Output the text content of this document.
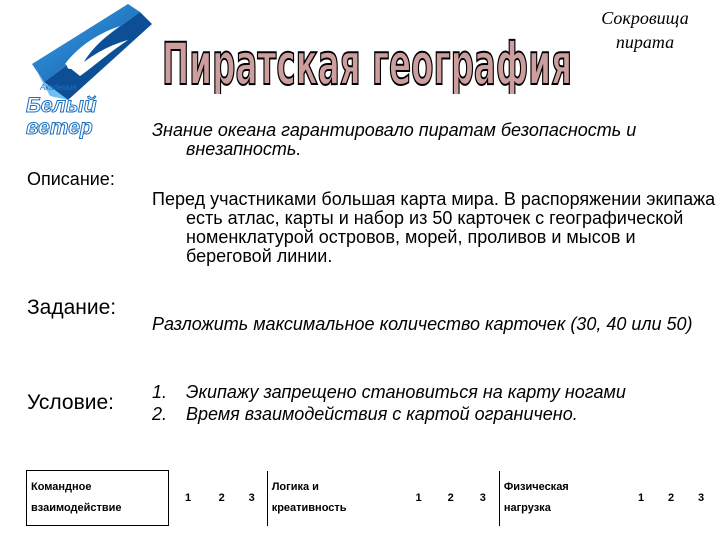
Академия
Белый
ветер
Пиратская география
Сокровища
пирата
Знание океана гарантировало пиратам безопасность и внезапность.
Описание:
Перед участниками большая карта мира. В распоряжении экипажа есть атлас, карты и набор из 50 карточек с географической номенклатурой островов, морей, проливов и мысов и береговой линии.
Задание:
Разложить максимальное количество карточек (30, 40 или 50)
Условие: 1.	Экипажу запрещено становиться на карту ногами
2.	Время взаимодействия с картой ограничено.
Командное
взаимодействие
	1	2	3	
Логика и
креативность
	1	2	3	
Физическая
нагрузка
	1	2	3
